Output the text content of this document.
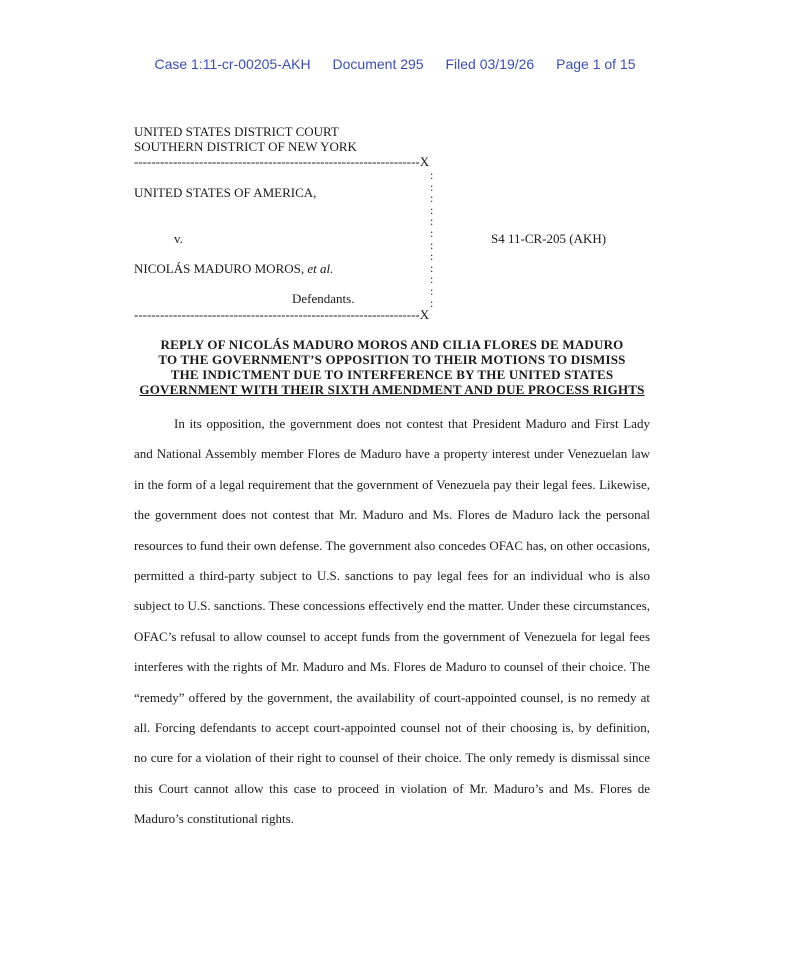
Case 1:11-cr-00205-AKH Document 295 Filed 03/19/26 Page 1 of 15
UNITED STATES DISTRICT COURT
SOUTHERN DISTRICT OF NEW YORK
------------------------------------------------------------------X
:
:
:
:
:
:
:
:
:
:
:
:
UNITED STATES OF AMERICA,
v.	S4 11-CR-205 (AKH)
NICOLÁS MADURO MOROS, et al.
Defendants.
------------------------------------------------------------------X
REPLY OF NICOLÁS MADURO MOROS AND CILIA FLORES DE MADURO
TO THE GOVERNMENT’S OPPOSITION TO THEIR MOTIONS TO DISMISS
THE INDICTMENT DUE TO INTERFERENCE BY THE UNITED STATES
GOVERNMENT WITH THEIR SIXTH AMENDMENT AND DUE PROCESS RIGHTS
In its opposition, the government does not contest that President Maduro and First Lady
and National Assembly member Flores de Maduro have a property interest under Venezuelan law
in the form of a legal requirement that the government of Venezuela pay their legal fees. Likewise,
the government does not contest that Mr. Maduro and Ms. Flores de Maduro lack the personal
resources to fund their own defense. The government also concedes OFAC has, on other occasions,
permitted a third-party subject to U.S. sanctions to pay legal fees for an individual who is also
subject to U.S. sanctions. These concessions effectively end the matter. Under these circumstances,
OFAC’s refusal to allow counsel to accept funds from the government of Venezuela for legal fees
interferes with the rights of Mr. Maduro and Ms. Flores de Maduro to counsel of their choice. The
“remedy” offered by the government, the availability of court-appointed counsel, is no remedy at
all. Forcing defendants to accept court-appointed counsel not of their choosing is, by definition,
no cure for a violation of their right to counsel of their choice. The only remedy is dismissal since
this Court cannot allow this case to proceed in violation of Mr. Maduro’s and Ms. Flores de
Maduro’s constitutional rights.
